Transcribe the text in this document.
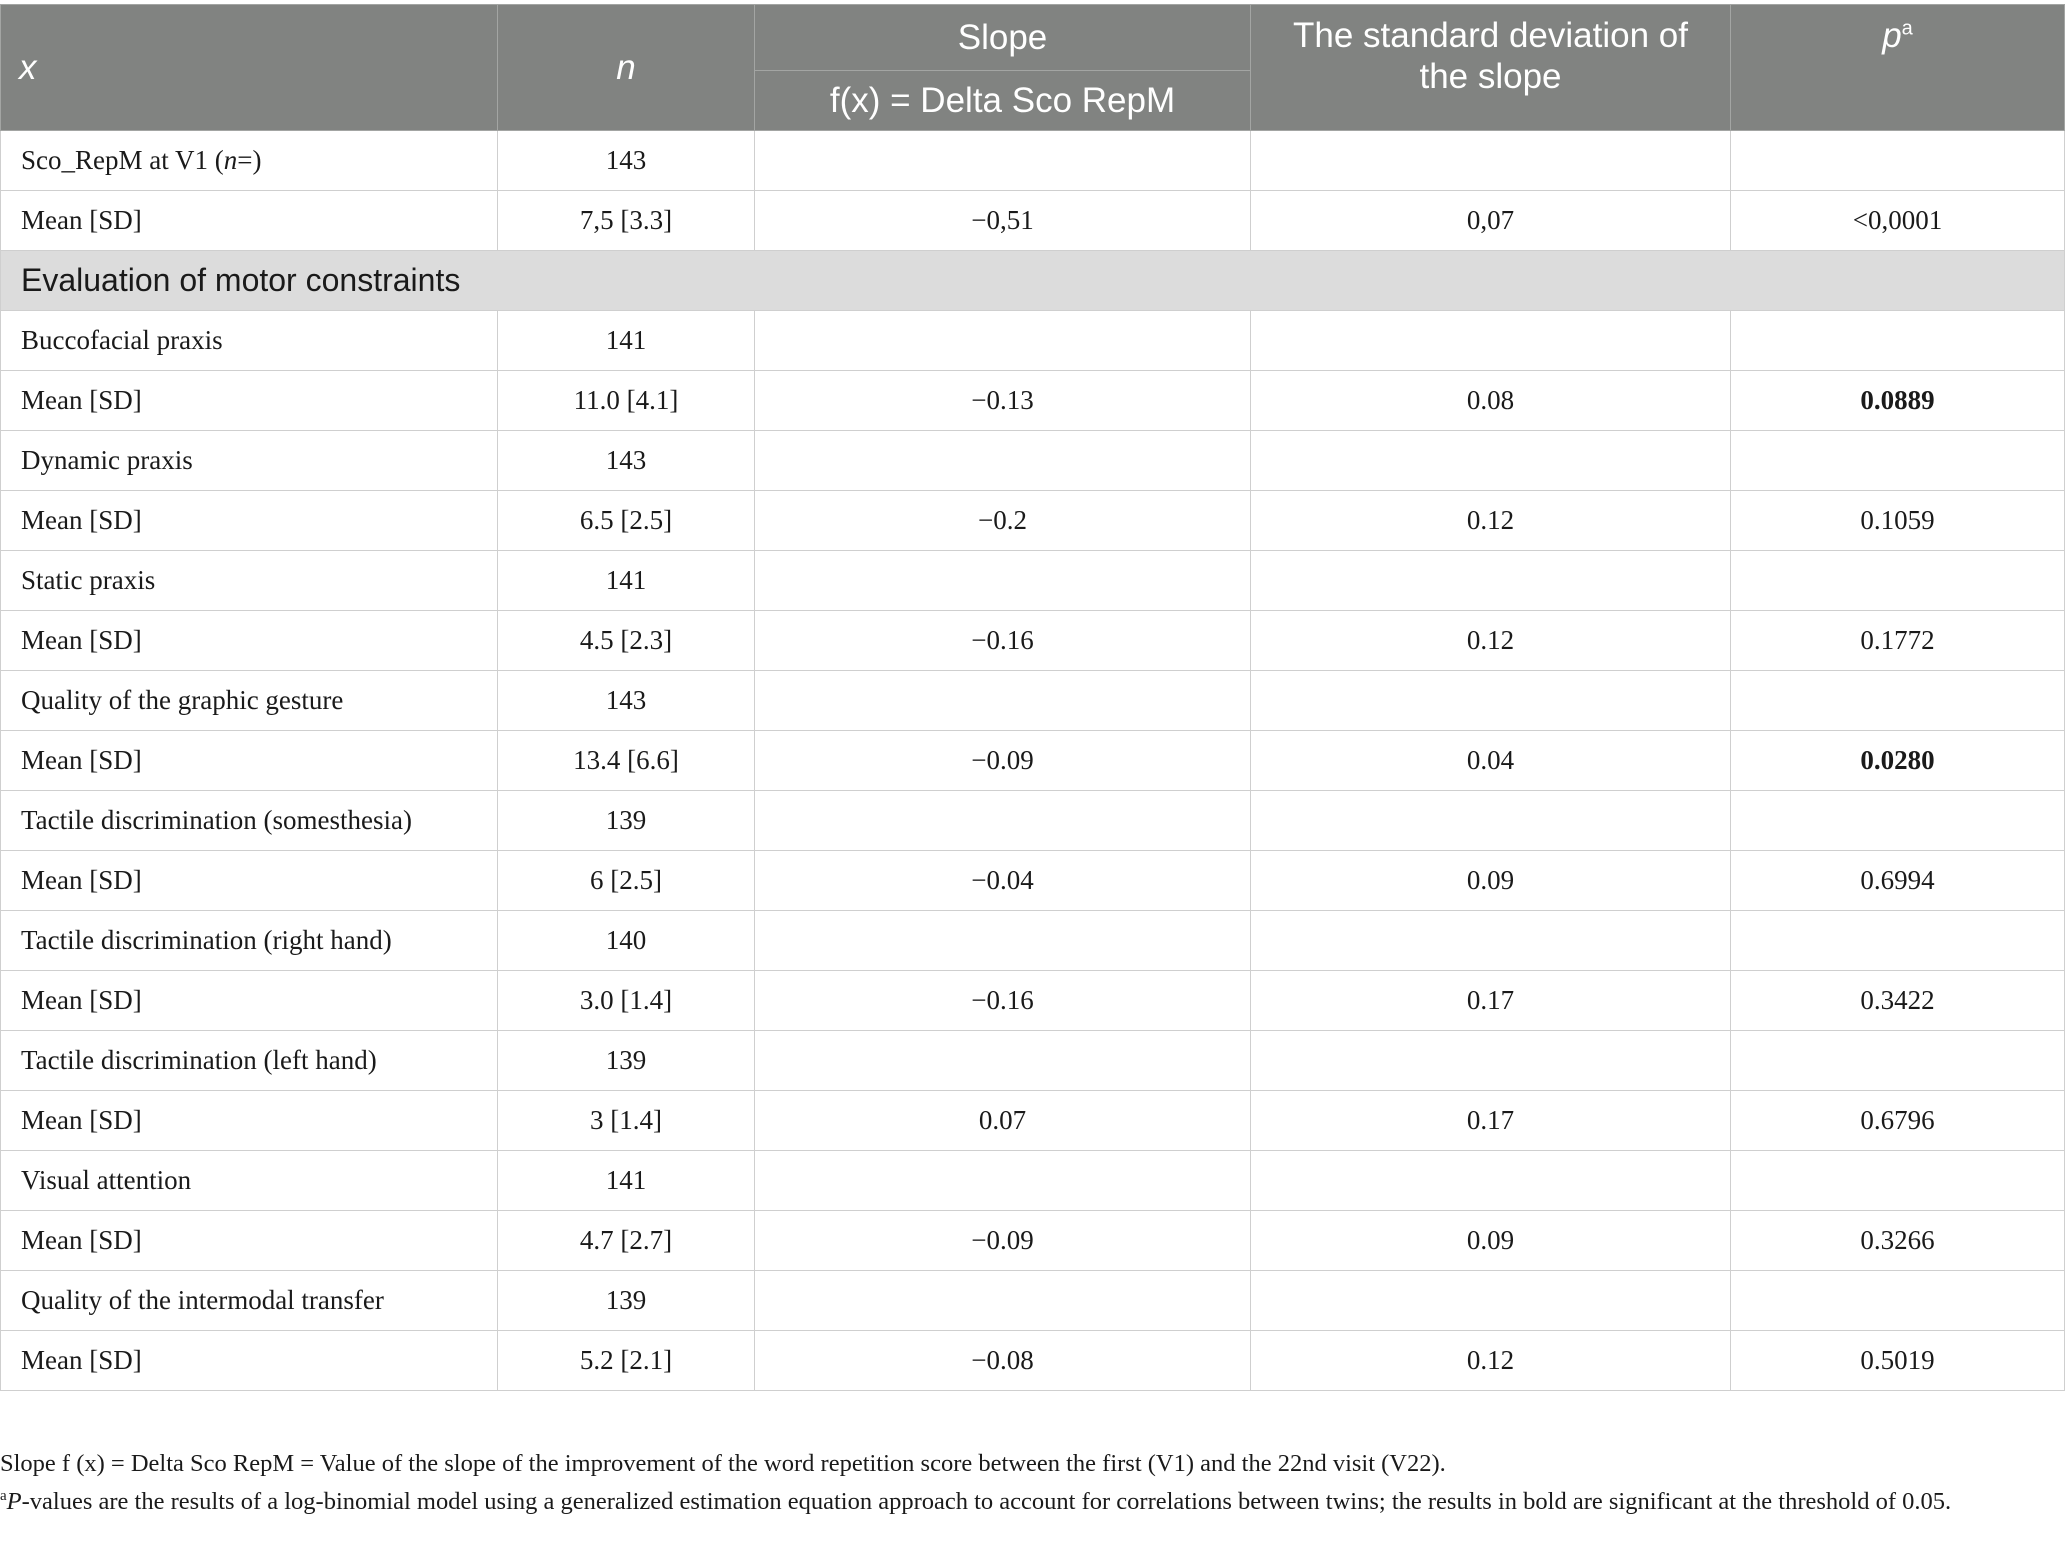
x	n	Slope	The standard deviation of the slope	$p^a$
		f(x) = Delta Sco RepM		
Sco_RepM at V1 (n=)	143			
Mean [SD]	7,5 [3.3]	−0,51	0,07	<0,0001
Evaluation of motor constraints				
Buccofacial praxis	141			
Mean [SD]	11.0 [4.1]	−0.13	0.08	0.0889
Dynamic praxis	143			
Mean [SD]	6.5 [2.5]	−0.2	0.12	0.1059
Static praxis	141			
Mean [SD]	4.5 [2.3]	−0.16	0.12	0.1772
Quality of the graphic gesture	143			
Mean [SD]	13.4 [6.6]	−0.09	0.04	0.0280
Tactile discrimination (somesthesia)	139			
Mean [SD]	6 [2.5]	−0.04	0.09	0.6994
Tactile discrimination (right hand)	140			
Mean [SD]	3.0 [1.4]	−0.16	0.17	0.3422
Tactile discrimination (left hand)	139			
Mean [SD]	3 [1.4]	0.07	0.17	0.6796
Visual attention	141			
Mean [SD]	4.7 [2.7]	−0.09	0.09	0.3266
Quality of the intermodal transfer	139			
Mean [SD]	5.2 [2.1]	−0.08	0.12	0.5019

Slope f (x) = Delta Sco RepM = Value of the slope of the improvement of the word repetition score between the first (V1) and the 22nd visit (V22).

$^a$P-values are the results of a log-binomial model using a generalized estimation equation approach to account for correlations between twins; the results in bold are significant at the threshold of 0.05.
